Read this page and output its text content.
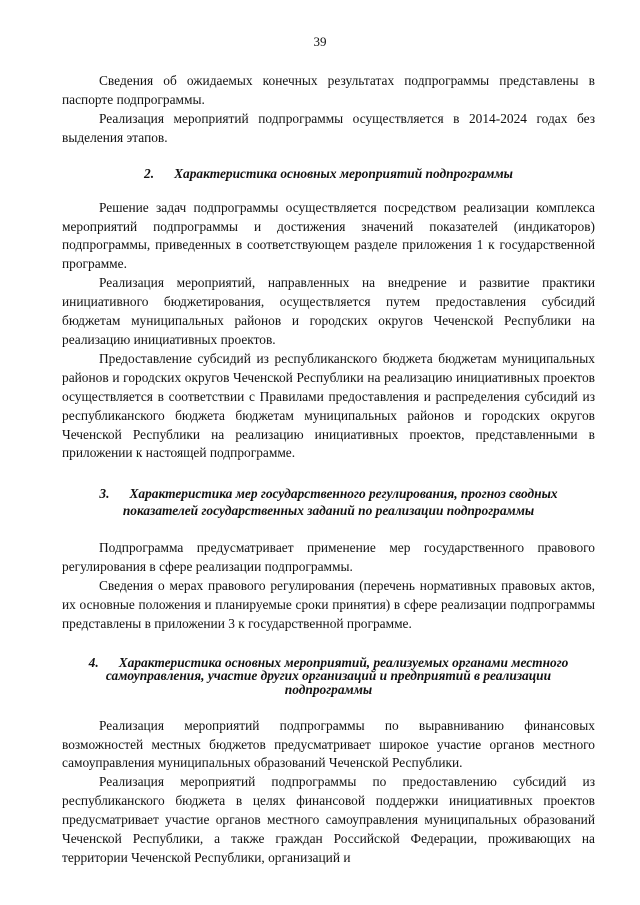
39

Сведения об ожидаемых конечных результатах подпрограммы представлены в паспорте подпрограммы.

Реализация мероприятий подпрограммы осуществляется в 2014-2024 годах без выделения этапов.

2. Характеристика основных мероприятий подпрограммы

Решение задач подпрограммы осуществляется посредством реализации комплекса мероприятий подпрограммы и достижения значений показателей (индикаторов) подпрограммы, приведенных в соответствующем разделе приложения 1 к государственной программе.

Реализация мероприятий, направленных на внедрение и развитие практики инициативного бюджетирования, осуществляется путем предоставления субсидий бюджетам муниципальных районов и городских округов Чеченской Республики на реализацию инициативных проектов.

Предоставление субсидий из республиканского бюджета бюджетам муниципальных районов и городских округов Чеченской Республики на реализацию инициативных проектов осуществляется в соответствии с Правилами предоставления и распределения субсидий из республиканского бюджета бюджетам муниципальных районов и городских округов Чеченской Республики на реализацию инициативных проектов, представленными в приложении к настоящей подпрограмме.

3. Характеристика мер государственного регулирования, прогноз сводных показателей государственных заданий по реализации подпрограммы

Подпрограмма предусматривает применение мер государственного правового регулирования в сфере реализации подпрограммы.

Сведения о мерах правового регулирования (перечень нормативных правовых актов, их основные положения и планируемые сроки принятия) в сфере реализации подпрограммы представлены в приложении 3 к государственной программе.

4. Характеристика основных мероприятий, реализуемых органами местного самоуправления, участие других организаций и предприятий в реализации подпрограммы

Реализация мероприятий подпрограммы по выравниванию финансовых возможностей местных бюджетов предусматривает широкое участие органов местного самоуправления муниципальных образований Чеченской Республики.

Реализация мероприятий подпрограммы по предоставлению субсидий из республиканского бюджета в целях финансовой поддержки инициативных проектов предусматривает участие органов местного самоуправления муниципальных образований Чеченской Республики, а также граждан Российской Федерации, проживающих на территории Чеченской Республики, организаций и
